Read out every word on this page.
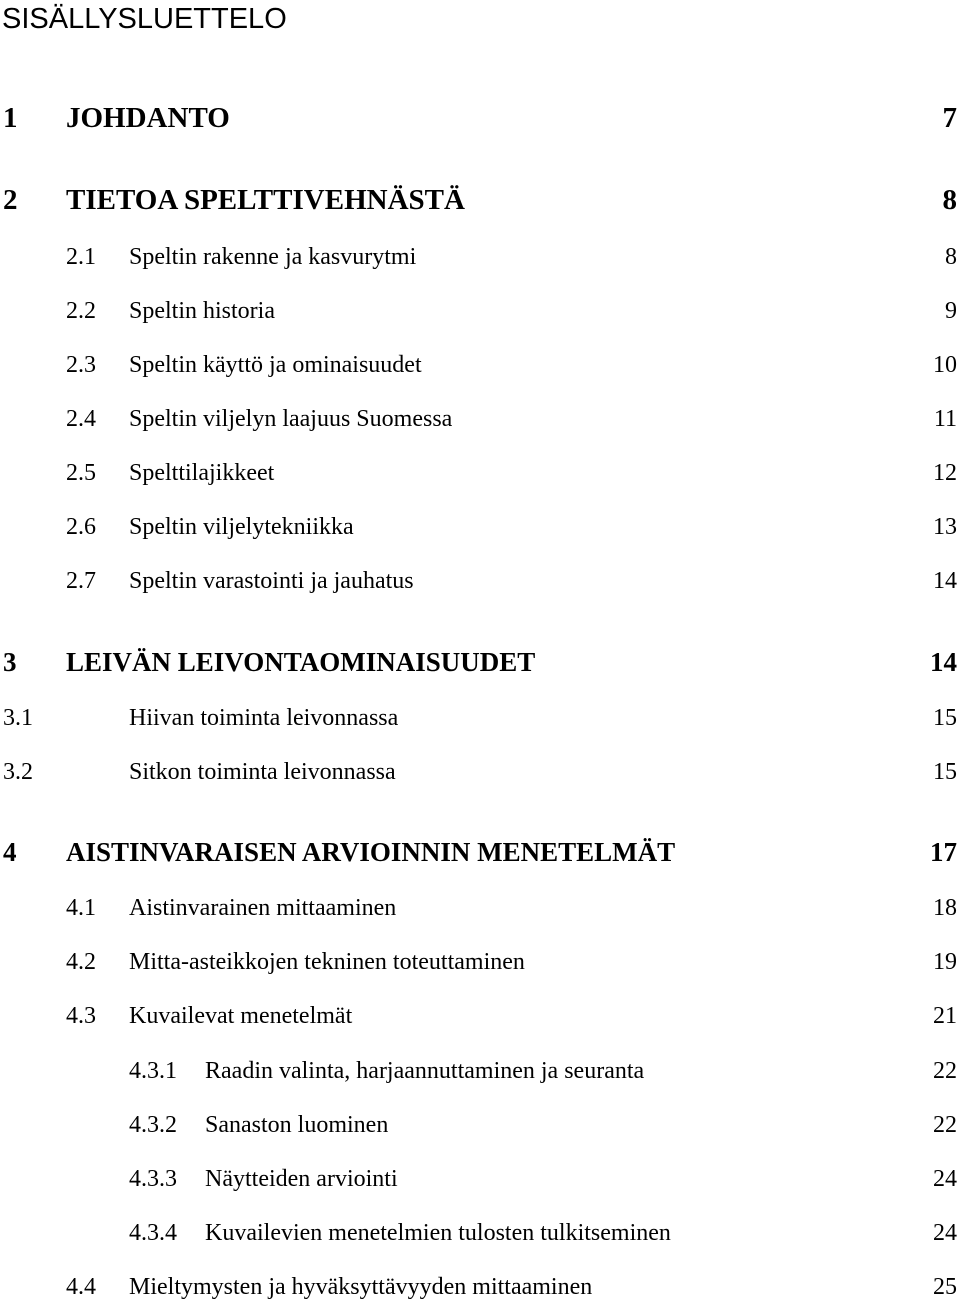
SISÄLLYSLUETTELO
1 JOHDANTO	7
2 TIETOA SPELTTIVEHNÄSTÄ	8
2.1 Speltin rakenne ja kasvurytmi	8
2.2 Speltin historia	9
2.3 Speltin käyttö ja ominaisuudet	10
2.4 Speltin viljelyn laajuus Suomessa	11
2.5 Spelttilajikkeet	12
2.6 Speltin viljelytekniikka	13
2.7 Speltin varastointi ja jauhatus	14
3 LEIVÄN LEIVONTAOMINAISUUDET	14
3.1	Hiivan toiminta leivonnassa	15
3.2	Sitkon toiminta leivonnassa	15
4 AISTINVARAISEN ARVIOINNIN MENETELMÄT	17
4.1 Aistinvarainen mittaaminen	18
4.2 Mitta-asteikkojen tekninen toteuttaminen	19
4.3 Kuvailevat menetelmät	21
4.3.1 Raadin valinta, harjaannuttaminen ja seuranta	22
4.3.2 Sanaston luominen	22
4.3.3 Näytteiden arviointi	24
4.3.4 Kuvailevien menetelmien tulosten tulkitseminen	24
4.4 Mieltymysten ja hyväksyttävyyden mittaaminen	25
